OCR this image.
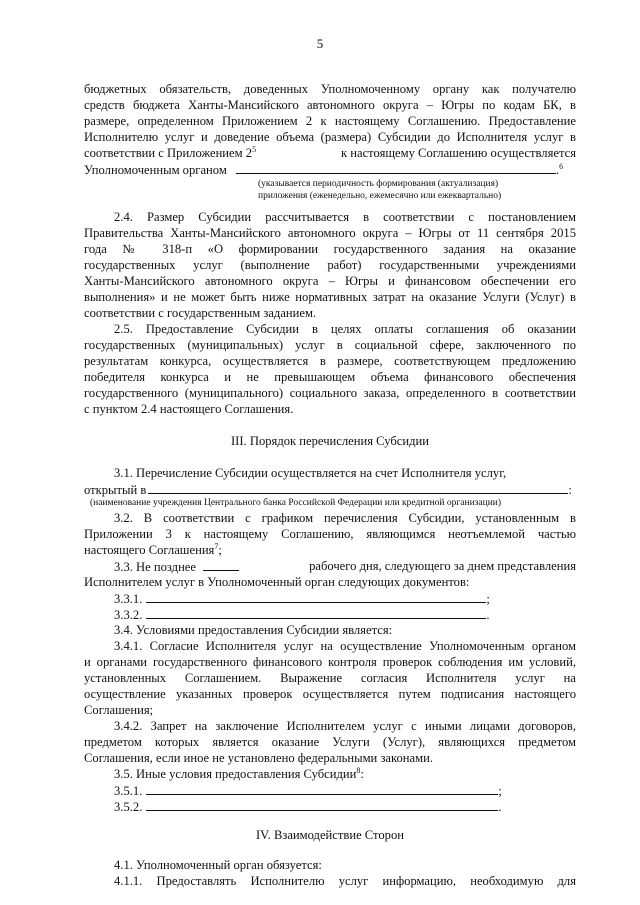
5
бюджетных обязательств, доведенных Уполномоченному органу как получателю
средств бюджета Ханты-Мансийского автономного округа – Югры по кодам БК, в
размере, определенном Приложением 2 к настоящему Соглашению. Предоставление
Исполнителю услуг и доведение объема (размера) Субсидии до Исполнителя услуг в
соответствии с Приложением $2^5$	к настоящему Соглашению осуществляется
Уполномоченным органом	.$^6$
(указывается периодичность формирования (актуализация)
приложения (еженедельно, ежемесячно или ежеквартально)
2.4. Размер Субсидии рассчитывается в соответствии с постановлением
Правительства Ханты-Мансийского автономного округа – Югры от 11 сентября 2015
года № 318-п «О формировании государственного задания на оказание
государственных услуг (выполнение работ) государственными учреждениями
Ханты-Мансийского автономного округа – Югры и финансовом обеспечении его
выполнения» и не может быть ниже нормативных затрат на оказание Услуги (Услуг) в
соответствии с государственным заданием.
2.5. Предоставление Субсидии в целях оплаты соглашения об оказании
государственных (муниципальных) услуг в социальной сфере, заключенного по
результатам конкурса, осуществляется в размере, соответствующем предложению
победителя конкурса и не превышающем объема финансового обеспечения
государственного (муниципального) социального заказа, определенного в соответствии
с пунктом 2.4 настоящего Соглашения.
III. Порядок перечисления Субсидии
3.1. Перечисление Субсидии осуществляется на счет Исполнителя услуг,
открытый в	:
(наименование учреждения Центрального банка Российской Федерации или кредитной организации)
3.2. В соответствии с графиком перечисления Субсидии, установленным в
Приложении 3 к настоящему Соглашению, являющимся неотъемлемой частью
настоящего Соглашения$^7$;
3.3. Не позднее	рабочего дня, следующего за днем представления
Исполнителем услуг в Уполномоченный орган следующих документов:
3.3.1.	;
3.3.2.	.
3.4. Условиями предоставления Субсидии является:
3.4.1. Согласие Исполнителя услуг на осуществление Уполномоченным органом
и органами государственного финансового контроля проверок соблюдения им условий,
установленных Соглашением. Выражение согласия Исполнителя услуг на
осуществление указанных проверок осуществляется путем подписания настоящего
Соглашения;
3.4.2. Запрет на заключение Исполнителем услуг с иными лицами договоров,
предметом которых является оказание Услуги (Услуг), являющихся предметом
Соглашения, если иное не установлено федеральными законами.
3.5. Иные условия предоставления Субсидии$^8$:
3.5.1.	;
3.5.2.	.
IV. Взаимодействие Сторон
4.1. Уполномоченный орган обязуется:
4.1.1. Предоставлять Исполнителю услуг информацию, необходимую для
